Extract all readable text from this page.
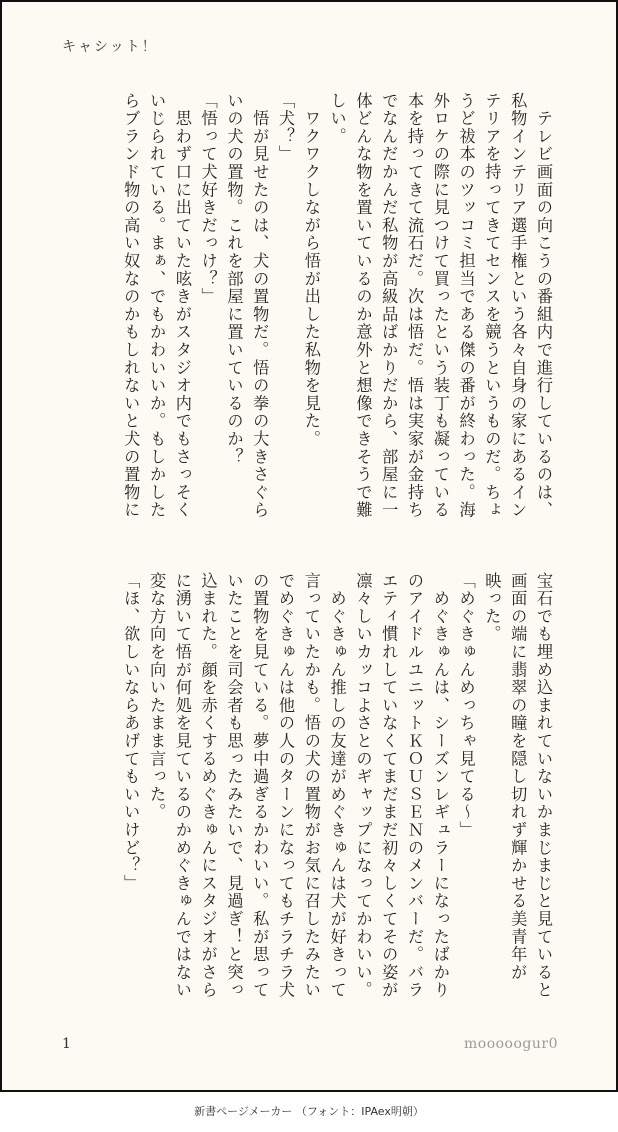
キャシット！

　テレビ画面の向こうの番組内で進行しているのは、

私物インテリア選手権という各々自身の家にあるイン

テリアを持ってきてセンスを競うというものだ。ちょ

うど祓本のツッコミ担当である傑の番が終わった。海

外ロケの際に見つけて買ったという装丁も凝っている

本を持ってきて流石だ。次は悟だ。悟は実家が金持ち

でなんだかんだ私物が高級品ばかりだから、部屋に一

体どんな物を置いているのか意外と想像できそうで難

しい。

　ワクワクしながら悟が出した私物を見た。

「犬？」

　悟が見せたのは、犬の置物だ。悟の拳の大きさぐら

いの犬の置物。これを部屋に置いているのか？

「悟って犬好きだっけ？」

　思わず口に出ていた呟きがスタジオ内でもさっそく

いじられている。まぁ、でもかわいいか。もしかした

らブランド物の高い奴なのかもしれないと犬の置物に

宝石でも埋め込まれていないかまじまじと見ていると

画面の端に翡翠の瞳を隠し切れず輝かせる美青年が

映った。

「めぐきゅんめっちゃ見てる～」

　めぐきゅんは、シーズンレギュラーになったばかり

のアイドルユニットＫＯＵＳＥＮのメンバーだ。バラ

エティ慣れしていなくてまだまだ初々しくてその姿が

凛々しいカッコよさとのギャップになってかわいい。

　めぐきゅん推しの友達がめぐきゅんは犬が好きって

言っていたかも。悟の犬の置物がお気に召したみたい

でめぐきゅんは他の人のターンになってもチラチラ犬

の置物を見ている。夢中過ぎるかわいい。私が思って

いたことを司会者も思ったみたいで、見過ぎ！と突っ

込まれた。顔を赤くするめぐきゅんにスタジオがさら

に湧いて悟が何処を見ているのかめぐきゅんではない

変な方向を向いたまま言った。

「ほ、欲しいならあげてもいいけど？」

1	mooooogur0
新書ページメーカー （フォント：IPAex明朝）
